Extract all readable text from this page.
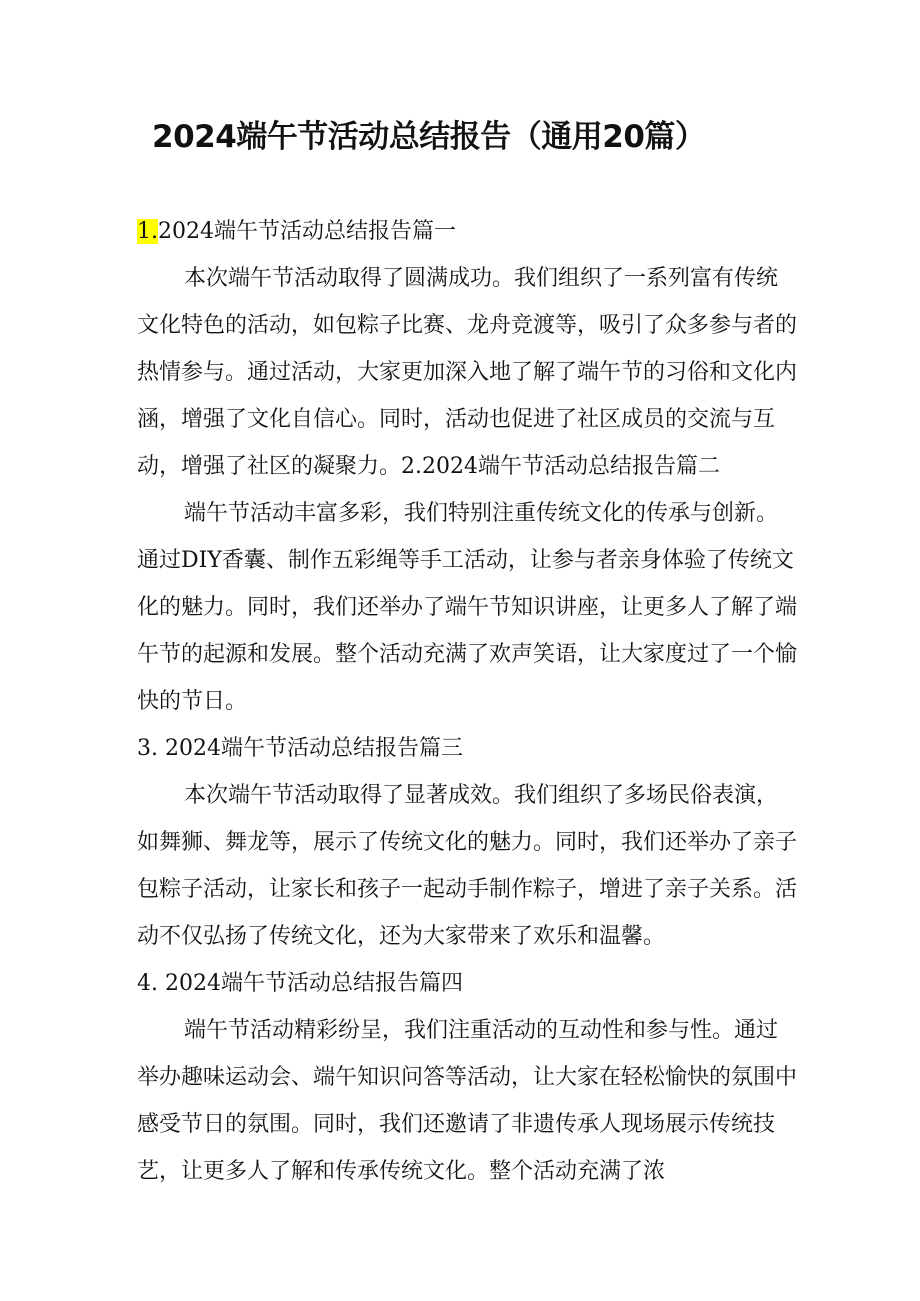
2024端午节活动总结报告（通用20篇）

1.2024端午节活动总结报告篇一

本次端午节活动取得了圆满成功。我们组织了一系列富有传统文化特色的活动，如包粽子比赛、龙舟竞渡等，吸引了众多参与者的热情参与。通过活动，大家更加深入地了解了端午节的习俗和文化内涵，增强了文化自信心。同时，活动也促进了社区成员的交流与互动，增强了社区的凝聚力。2.2024端午节活动总结报告篇二

端午节活动丰富多彩，我们特别注重传统文化的传承与创新。通过DIY香囊、制作五彩绳等手工活动，让参与者亲身体验了传统文化的魅力。同时，我们还举办了端午节知识讲座，让更多人了解了端午节的起源和发展。整个活动充满了欢声笑语，让大家度过了一个愉快的节日。

3. 2024端午节活动总结报告篇三

本次端午节活动取得了显著成效。我们组织了多场民俗表演，如舞狮、舞龙等，展示了传统文化的魅力。同时，我们还举办了亲子包粽子活动，让家长和孩子一起动手制作粽子，增进了亲子关系。活动不仅弘扬了传统文化，还为大家带来了欢乐和温馨。

4. 2024端午节活动总结报告篇四

端午节活动精彩纷呈，我们注重活动的互动性和参与性。通过举办趣味运动会、端午知识问答等活动，让大家在轻松愉快的氛围中感受节日的氛围。同时，我们还邀请了非遗传承人现场展示传统技艺，让更多人了解和传承传统文化。整个活动充满了浓
